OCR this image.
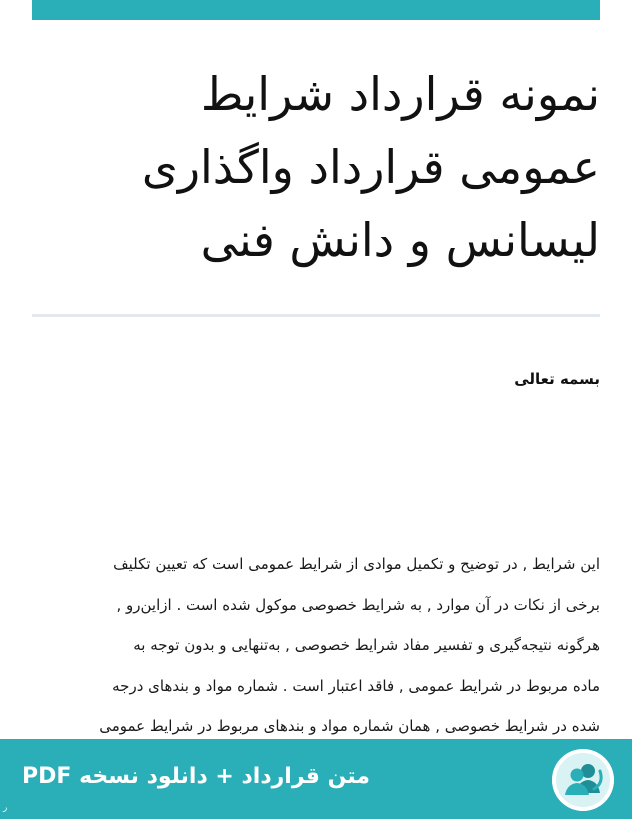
نمونه قرارداد شرایط
عمومی قرارداد واگذاری
لیسانس و دانش فنی
بسمه تعالی
این شرایط , در توضیح و تکمیل موادی از شرایط عمومی است که تعیین تکلیف
برخی از نکات در آن موارد , به شرایط خصوصی موکول شده است . ازاین‌رو ,
هرگونه نتیجه‌گیری و تفسیر مفاد شرایط خصوصی , به‌تنهایی و بدون توجه به
ماده مربوط در شرایط عمومی , فاقد اعتبار است . شماره مواد و بندهای درجه
شده در شرایط خصوصی , همان شماره مواد و بندهای مربوط در شرایط عمومی
متن قرارداد + دانلود نسخه PDF
ر
